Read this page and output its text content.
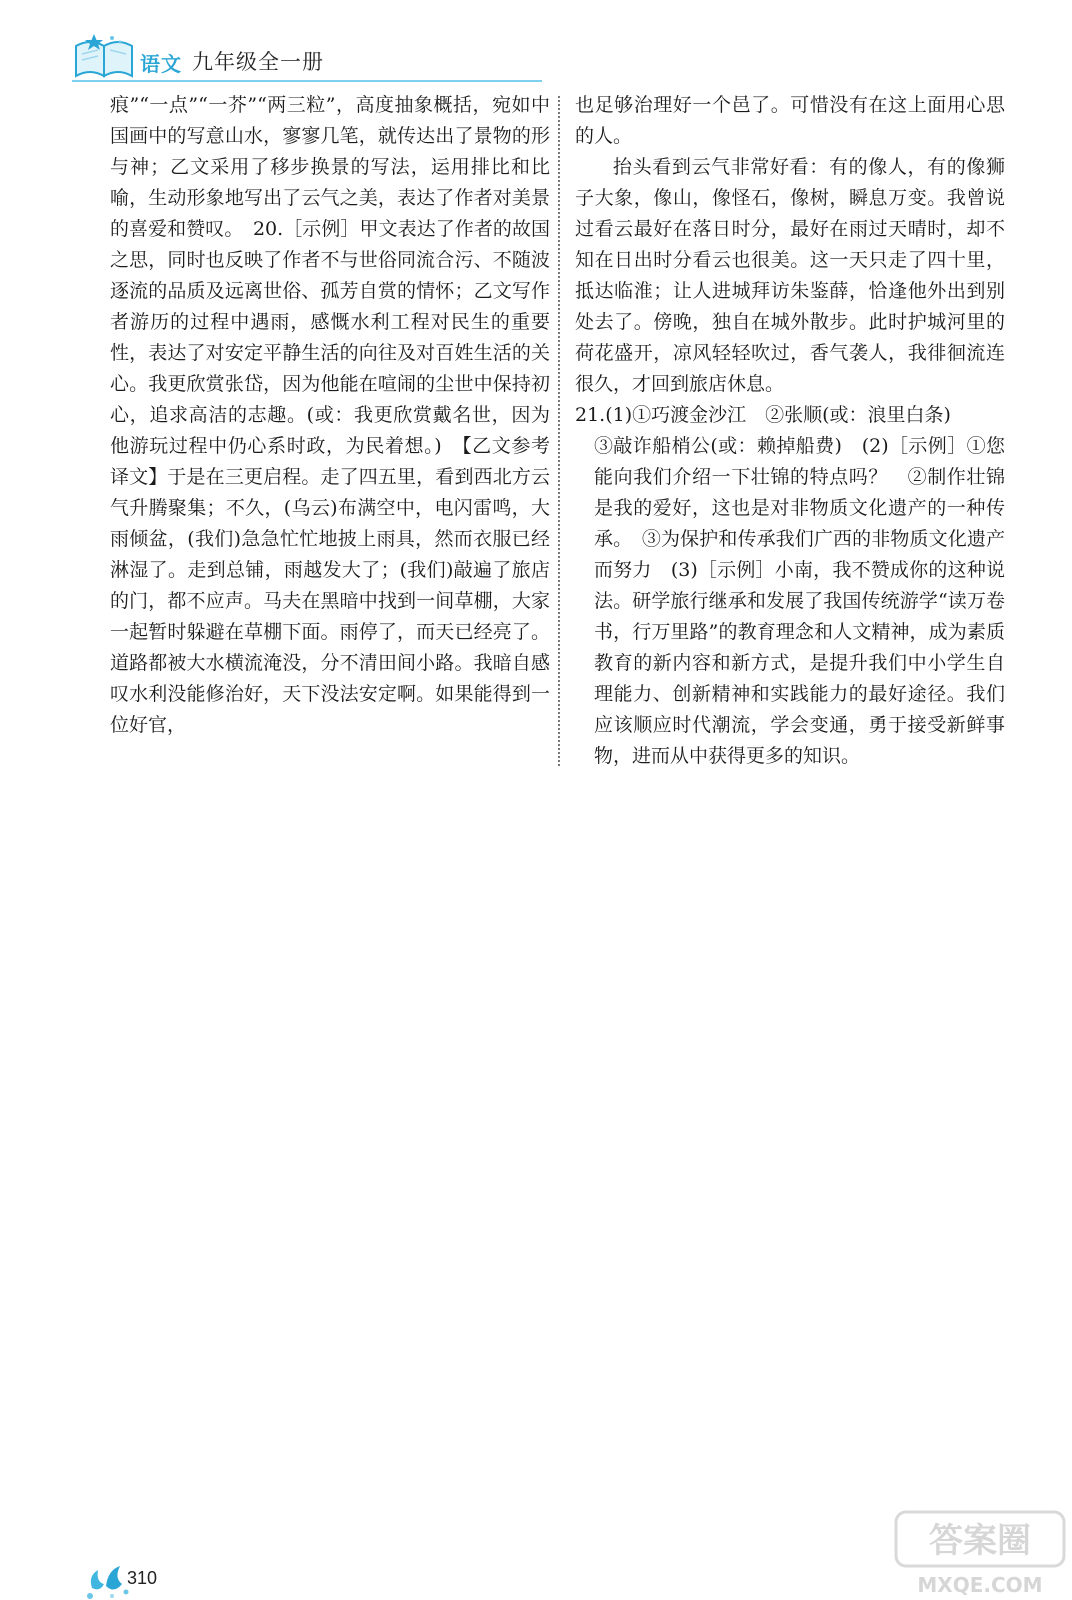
语文 九年级全一册

痕”“一点”“一芥”“两三粒”，高度抽象概括，宛如中国画中的写意山水，寥寥几笔，就传达出了景物的形与神；乙文采用了移步换景的写法，运用排比和比喻，生动形象地写出了云气之美，表达了作者对美景的喜爱和赞叹。　20.［示例］甲文表达了作者的故国之思，同时也反映了作者不与世俗同流合污、不随波逐流的品质及远离世俗、孤芳自赏的情怀；乙文写作者游历的过程中遇雨，感慨水利工程对民生的重要性，表达了对安定平静生活的向往及对百姓生活的关心。我更欣赏张岱，因为他能在喧闹的尘世中保持初心，追求高洁的志趣。(或：我更欣赏戴名世，因为他游玩过程中仍心系时政，为民着想。)　【乙文参考译文】于是在三更启程。走了四五里，看到西北方云气升腾聚集；不久，(乌云)布满空中，电闪雷鸣，大雨倾盆，(我们)急急忙忙地披上雨具，然而衣服已经淋湿了。走到总铺，雨越发大了；(我们)敲遍了旅店的门，都不应声。马夫在黑暗中找到一间草棚，大家一起暂时躲避在草棚下面。雨停了，而天已经亮了。道路都被大水横流淹没，分不清田间小路。我暗自感叹水利没能修治好，天下没法安定啊。如果能得到一位好官，

也足够治理好一个邑了。可惜没有在这上面用心思的人。

抬头看到云气非常好看：有的像人，有的像狮子大象，像山，像怪石，像树，瞬息万变。我曾说过看云最好在落日时分，最好在雨过天晴时，却不知在日出时分看云也很美。这一天只走了四十里，抵达临淮；让人进城拜访朱鉴薛，恰逢他外出到别处去了。傍晚，独自在城外散步。此时护城河里的荷花盛开，凉风轻轻吹过，香气袭人，我徘徊流连很久，才回到旅店休息。

21.(1)①巧渡金沙江　②张顺(或：浪里白条)

③敲诈船梢公(或：赖掉船费)　(2)［示例］①您能向我们介绍一下壮锦的特点吗？　②制作壮锦是我的爱好，这也是对非物质文化遗产的一种传承。　③为保护和传承我们广西的非物质文化遗产而努力　(3)［示例］小南，我不赞成你的这种说法。研学旅行继承和发展了我国传统游学“读万卷书，行万里路”的教育理念和人文精神，成为素质教育的新内容和新方式，是提升我们中小学生自理能力、创新精神和实践能力的最好途径。我们应该顺应时代潮流，学会变通，勇于接受新鲜事物，进而从中获得更多的知识。

310
答案圈
MXQE.COM
